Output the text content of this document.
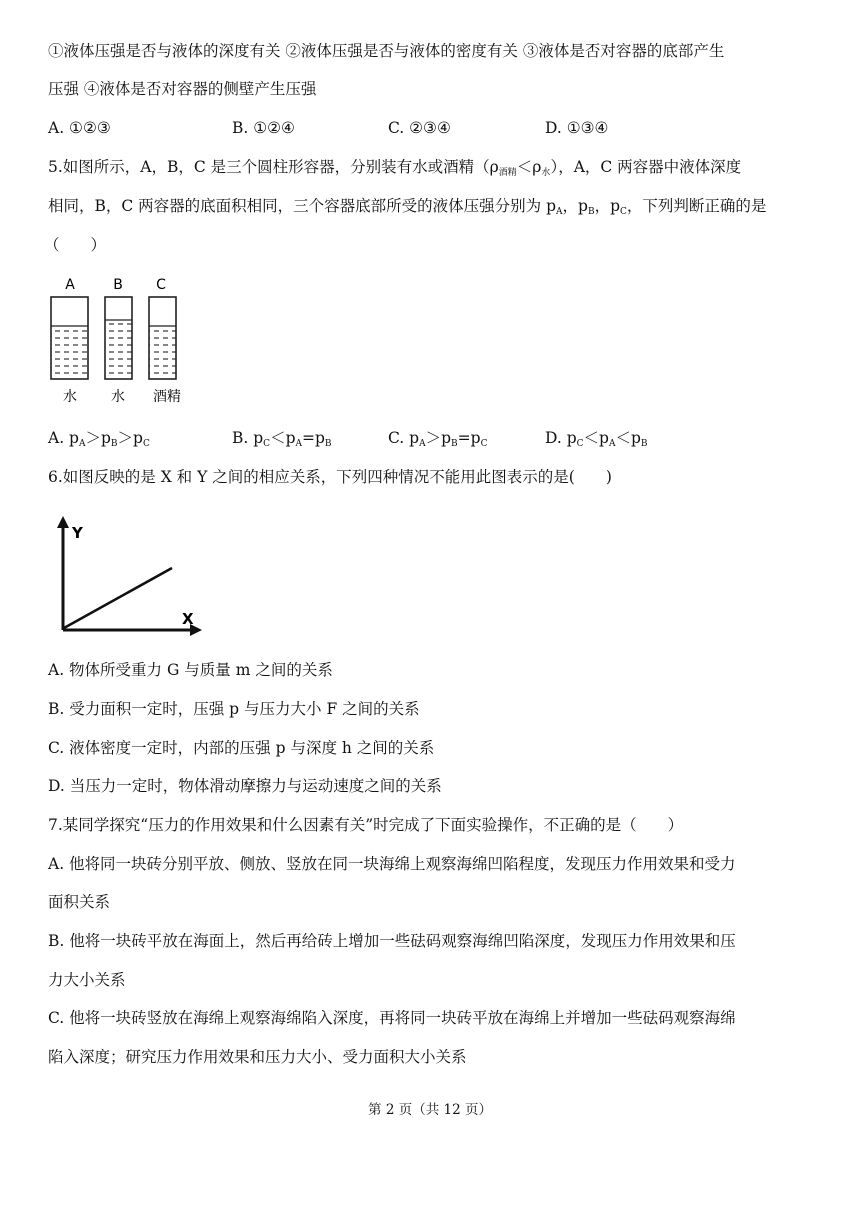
①液体压强是否与液体的深度有关 ②液体压强是否与液体的密度有关 ③液体是否对容器的底部产生
压强 ④液体是否对容器的侧壁产生压强
A. ①②③	B. ①②④	C. ②③④	D. ①③④
5.如图所示，A，B，C 是三个圆柱形容器，分别装有水或酒精$(\rho_{酒精}<\rho_水)$，A，C 两容器中液体深度
相同，B，C 两容器的底面积相同，三个容器底部所受的液体压强分别为 $p_A$，$p_B$，$p_C$，下列判断正确的是
（　　）
A	B C
水 水 酒精
A. $p_A>p_B>p_C$	B. $p_C<p_A=p_B$	C. $p_A>p_B=p_C$	D. $p_C<p_A<p_B$
6.如图反映的是 X 和 Y 之间的相应关系，下列四种情况不能用此图表示的是(　　)
Y
X
A. 物体所受重力 G 与质量 m 之间的关系
B. 受力面积一定时，压强 p 与压力大小 F 之间的关系
C. 液体密度一定时，内部的压强 p 与深度 h 之间的关系
D. 当压力一定时，物体滑动摩擦力与运动速度之间的关系
7.某同学探究“压力的作用效果和什么因素有关”时完成了下面实验操作，不正确的是（　　）
A. 他将同一块砖分别平放、侧放、竖放在同一块海绵上观察海绵凹陷程度，发现压力作用效果和受力
面积关系
B. 他将一块砖平放在海面上，然后再给砖上增加一些砝码观察海绵凹陷深度，发现压力作用效果和压
力大小关系
C. 他将一块砖竖放在海绵上观察海绵陷入深度，再将同一块砖平放在海绵上并增加一些砝码观察海绵
陷入深度；研究压力作用效果和压力大小、受力面积大小关系
第 2 页（共 12 页）
